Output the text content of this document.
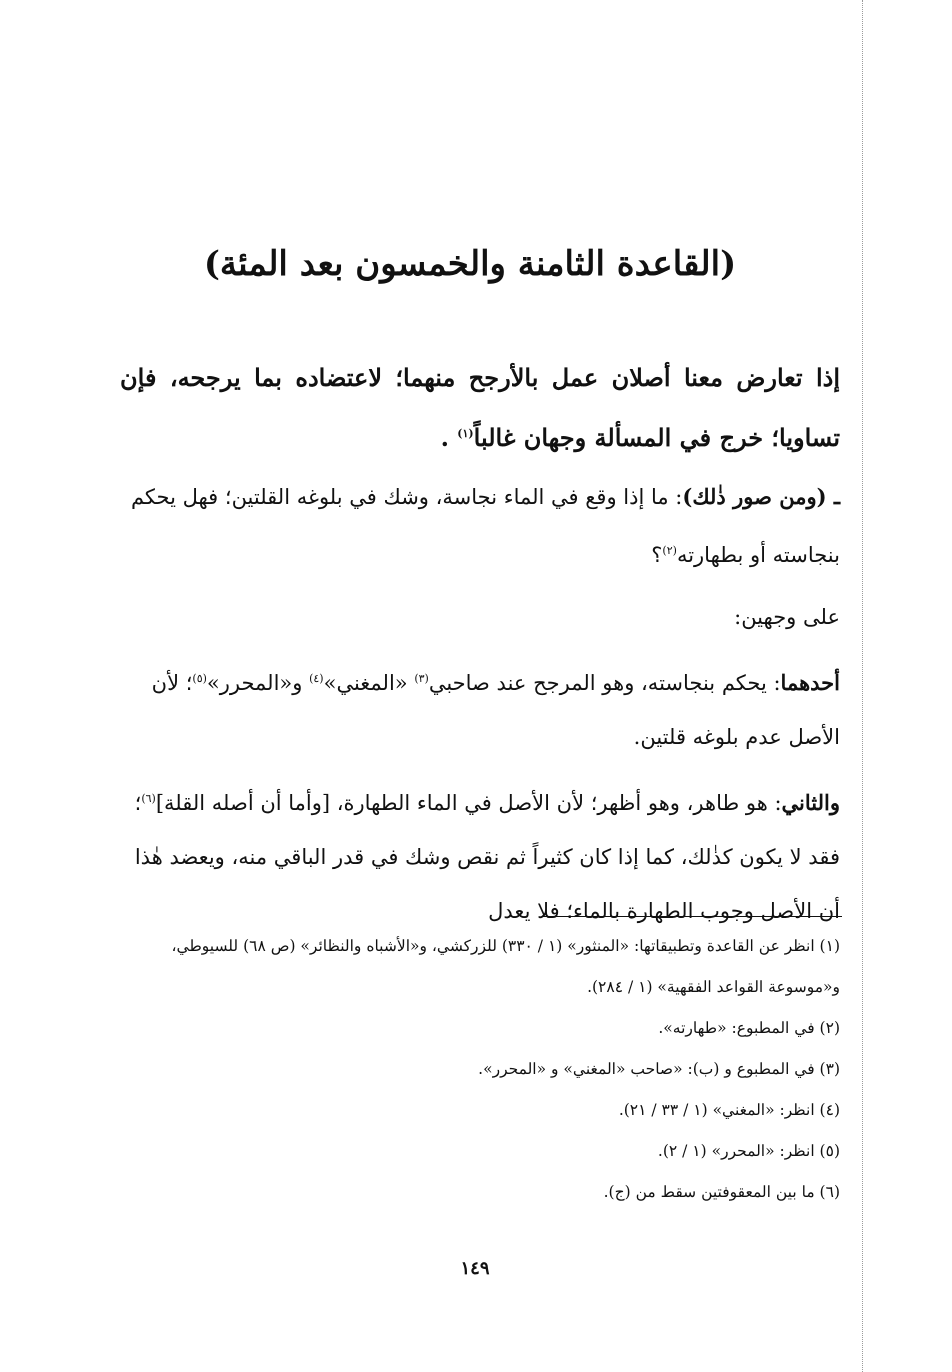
(القاعدة الثامنة والخمسون بعد المئة)
إذا تعارض معنا أصلان عمل بالأرجح منهما؛ لاعتضاده بما يرجحه، فإن تساويا؛ خرج في المسألة وجهان غالباً$^{(١)}$ .

ـ (ومن صور ذٰلك): ما إذا وقع في الماء نجاسة، وشك في بلوغه القلتين؛ فهل يحكم بنجاسته أو بطهارته$^{(٢)}$؟

على وجهين:

أحدهما: يحكم بنجاسته، وهو المرجح عند صاحبي$^{(٣)}$ «المغني»$^{(٤)}$ و«المحرر»$^{(٥)}$؛ لأن الأصل عدم بلوغه قلتين.

والثاني: هو طاهر، وهو أظهر؛ لأن الأصل في الماء الطهارة، [وأما أن أصله القلة]$^{(٦)}$؛ فقد لا يكون كذٰلك، كما إذا كان كثيراً ثم نقص وشك في قدر الباقي منه، ويعضد هٰذا أن الأصل وجوب الطهارة بالماء؛ فلا يعدل

(١) انظر عن القاعدة وتطبيقاتها: «المنثور» (١ / ٣٣٠) للزركشي، و«الأشباه والنظائر» (ص ٦٨) للسيوطي، و«موسوعة القواعد الفقهية» (١ / ٢٨٤).

(٢) في المطبوع: «طهارته».

(٣) في المطبوع و (ب): «صاحب «المغني» و «المحرر».

(٤) انظر: «المغني» (١ / ٣٣ / ٢١).

(٥) انظر: «المحرر» (١ / ٢).

(٦) ما بين المعقوفتين سقط من (ج).

١٤٩
